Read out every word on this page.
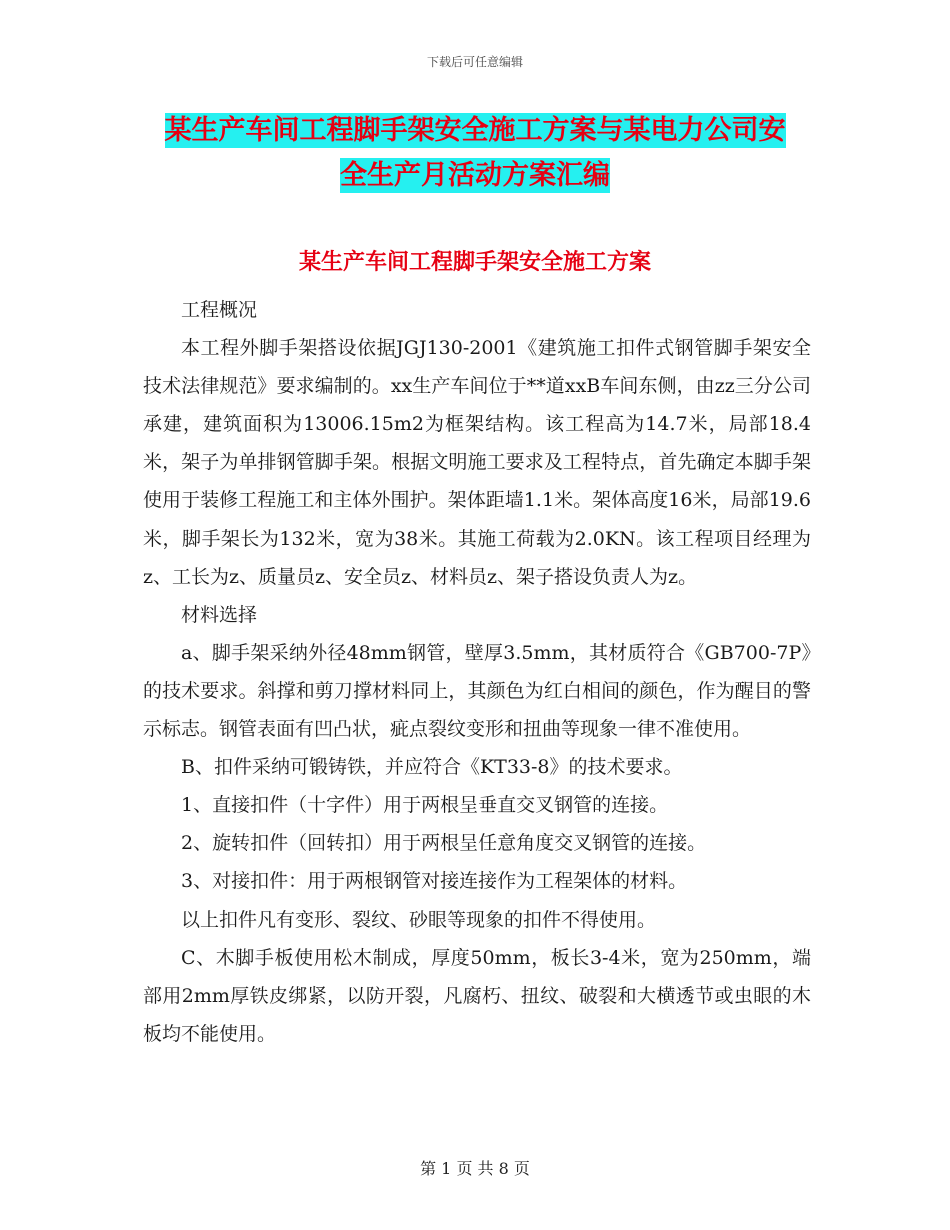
下载后可任意编辑
某生产车间工程脚手架安全施工方案与某电力公司安
全生产月活动方案汇编
某生产车间工程脚手架安全施工方案

工程概况

本工程外脚手架搭设依据JGJ130-2001《建筑施工扣件式钢管脚手架安全技术法律规范》要求编制的。xx生产车间位于**道xxB车间东侧，由zz三分公司承建，建筑面积为13006.15m2为框架结构。该工程高为14.7米，局部18.4米，架子为单排钢管脚手架。根据文明施工要求及工程特点，首先确定本脚手架使用于装修工程施工和主体外围护。架体距墙1.1米。架体高度16米，局部19.6米，脚手架长为132米，宽为38米。其施工荷载为2.0KN。该工程项目经理为z、工长为z、质量员z、安全员z、材料员z、架子搭设负责人为z。

材料选择

a、脚手架采纳外径48mm钢管，壁厚3.5mm，其材质符合《GB700-7P》的技术要求。斜撑和剪刀撑材料同上，其颜色为红白相间的颜色，作为醒目的警示标志。钢管表面有凹凸状，疵点裂纹变形和扭曲等现象一律不准使用。

B、扣件采纳可锻铸铁，并应符合《KT33-8》的技术要求。

1、直接扣件（十字件）用于两根呈垂直交叉钢管的连接。

2、旋转扣件（回转扣）用于两根呈任意角度交叉钢管的连接。

3、对接扣件：用于两根钢管对接连接作为工程架体的材料。

以上扣件凡有变形、裂纹、砂眼等现象的扣件不得使用。

C、木脚手板使用松木制成，厚度50mm，板长3-4米，宽为250mm，端部用2mm厚铁皮绑紧，以防开裂，凡腐朽、扭纹、破裂和大横透节或虫眼的木板均不能使用。

第 1 页 共 8 页
